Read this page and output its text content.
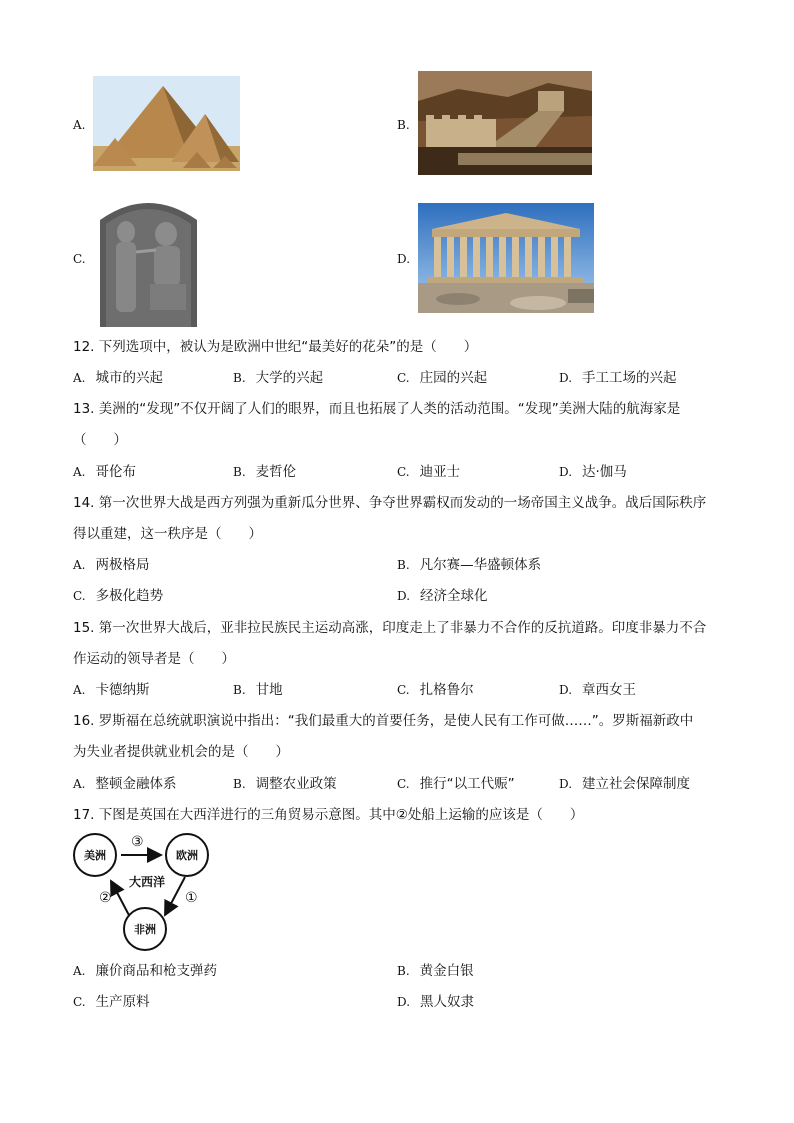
A.	B.
C.	D.
12. 下列选项中，被认为是欧洲中世纪“最美好的花朵”的是（　　）
A. 城市的兴起	B. 大学的兴起	C. 庄园的兴起	D. 手工工场的兴起
13. 美洲的“发现”不仅开阔了人们的眼界，而且也拓展了人类的活动范围。“发现”美洲大陆的航海家是
（　　）
A. 哥伦布	B. 麦哲伦	C. 迪亚士	D. 达·伽马
14. 第一次世界大战是西方列强为重新瓜分世界、争夺世界霸权而发动的一场帝国主义战争。战后国际秩序
得以重建，这一秩序是（　　）
A. 两极格局	B. 凡尔赛—华盛顿体系
C. 多极化趋势	D. 经济全球化
15. 第一次世界大战后，亚非拉民族民主运动高涨，印度走上了非暴力不合作的反抗道路。印度非暴力不合
作运动的领导者是（　　）
A. 卡德纳斯	B. 甘地	C. 扎格鲁尔	D. 章西女王
16. 罗斯福在总统就职演说中指出：“我们最重大的首要任务，是使人民有工作可做……”。罗斯福新政中
为失业者提供就业机会的是（　　）
A. 整顿金融体系	B. 调整农业政策	C. 推行“以工代赈”	D. 建立社会保障制度
17. 下图是英国在大西洋进行的三角贸易示意图。其中②处船上运输的应该是（　　）
美洲	欧洲
非洲
③
大西洋
①
②
A. 廉价商品和枪支弹药	B. 黄金白银
C. 生产原料	D. 黑人奴隶
